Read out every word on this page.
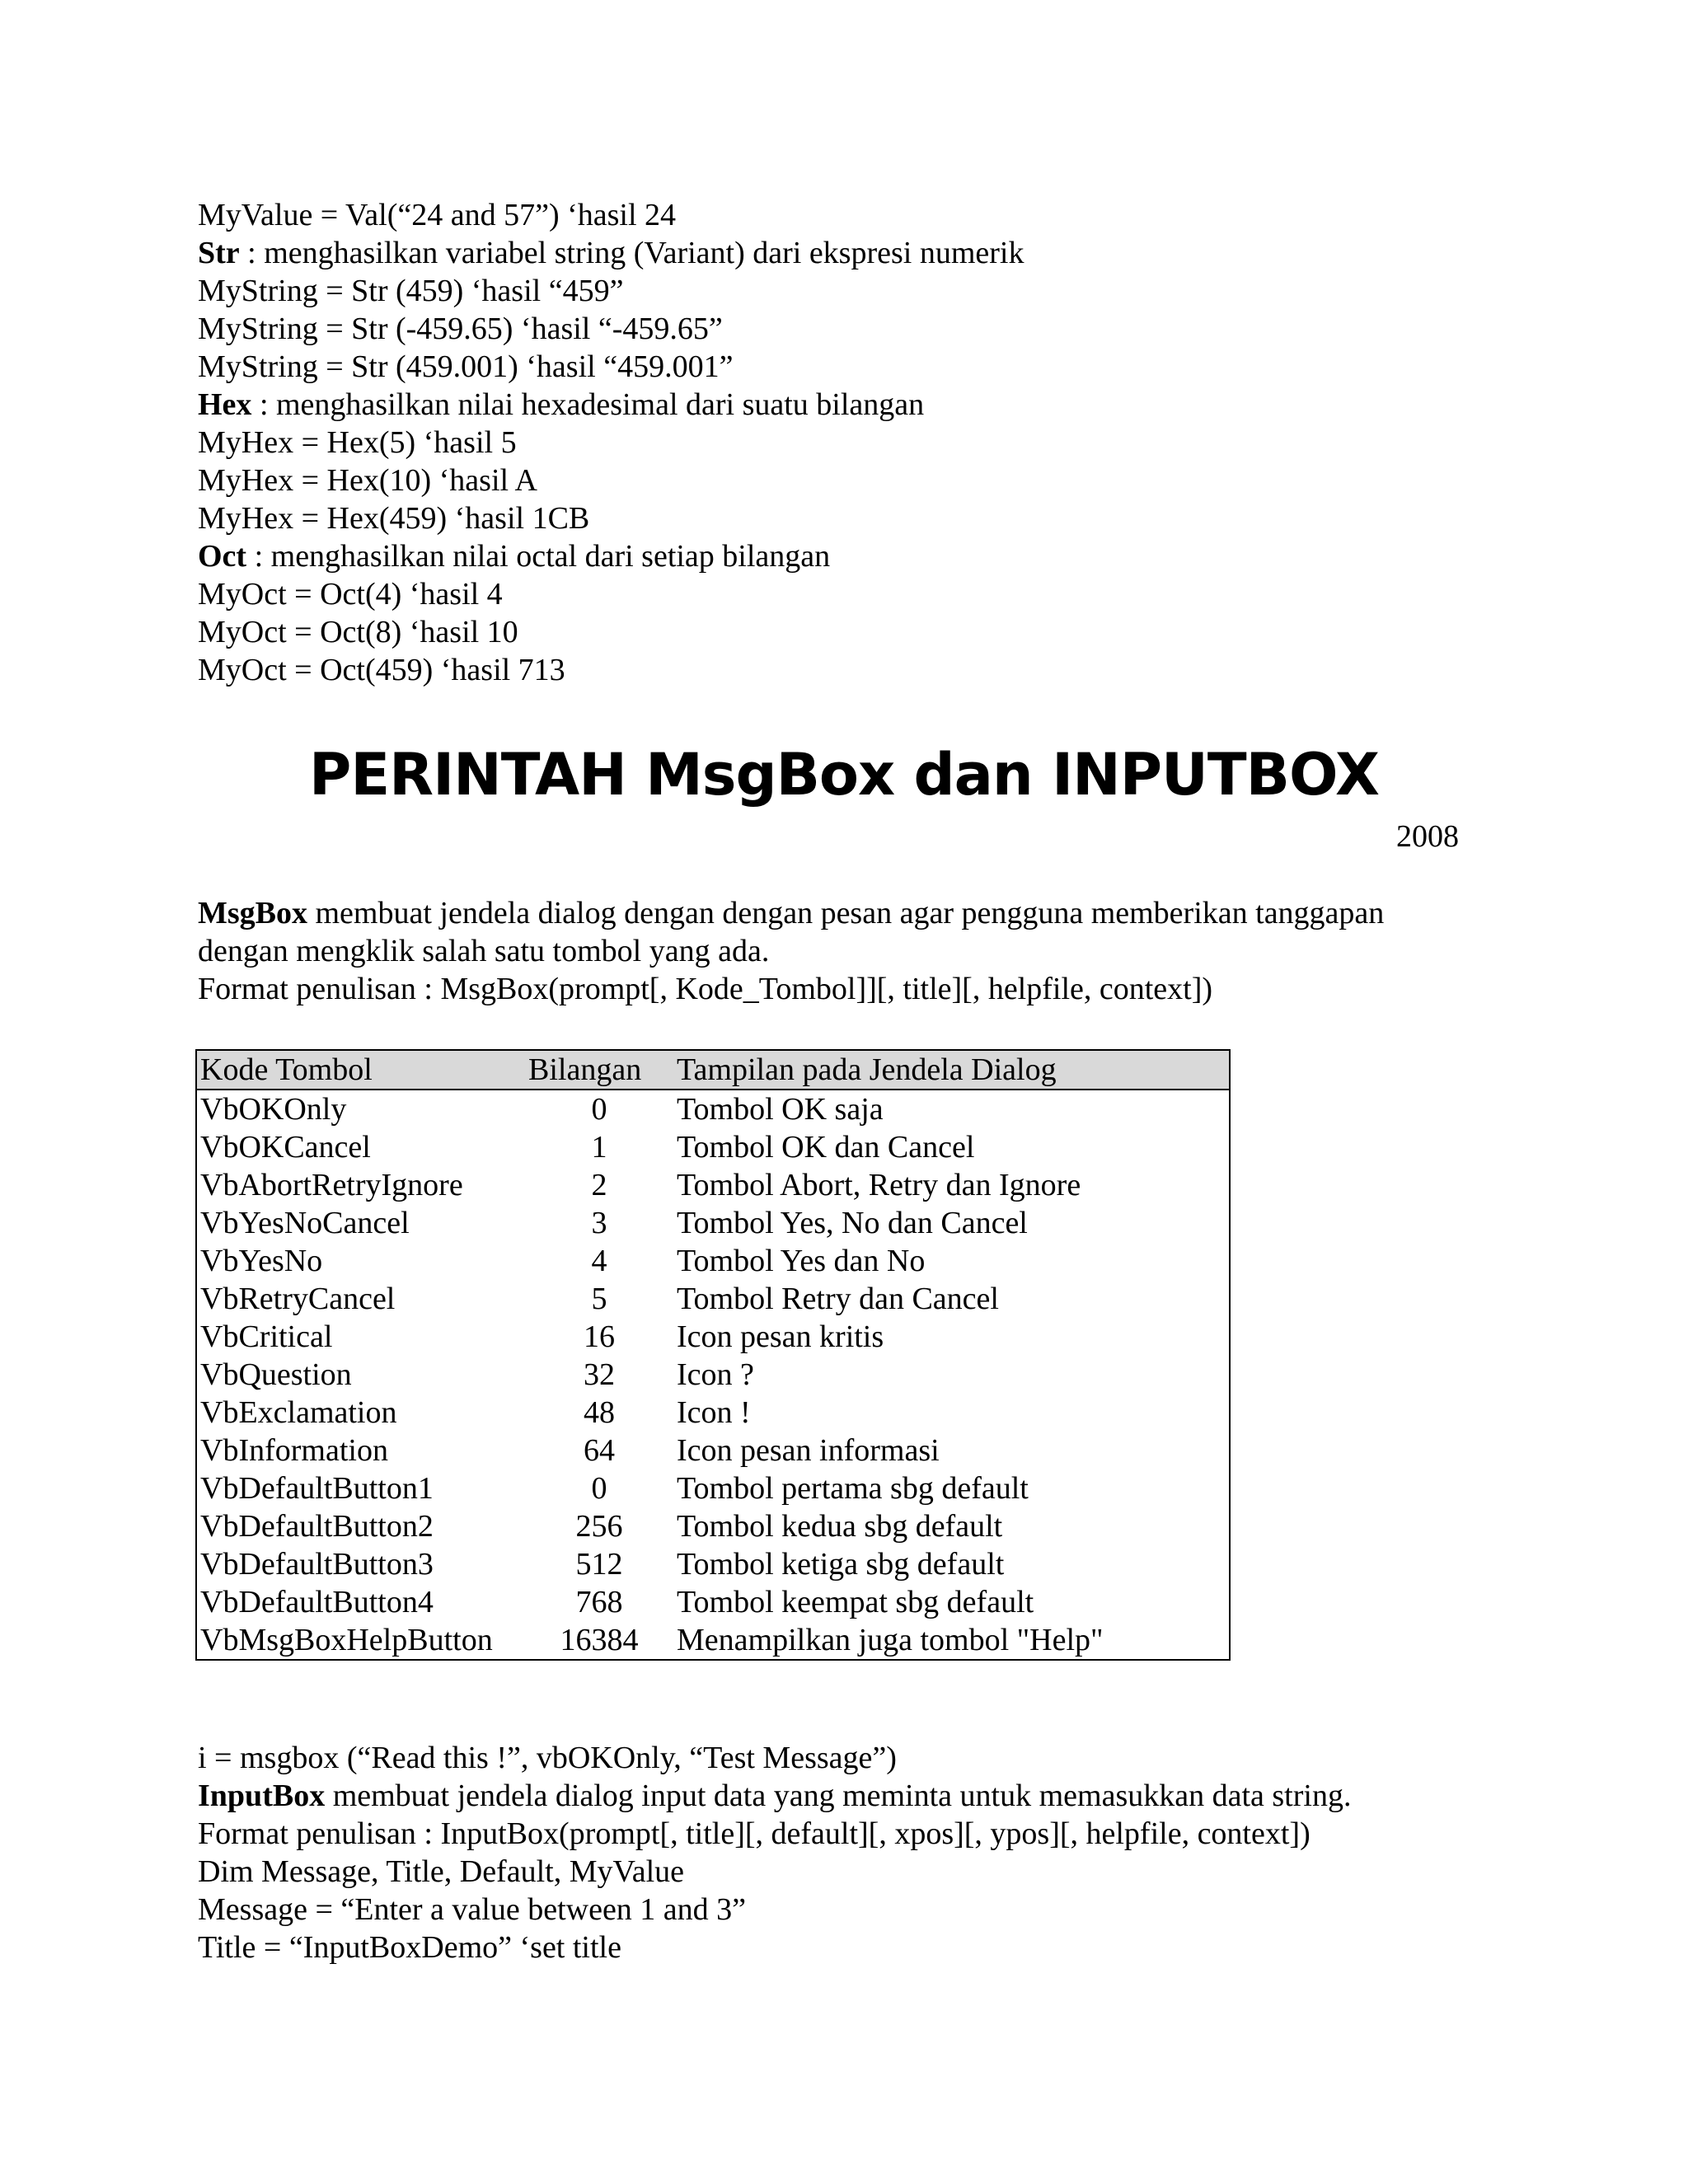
MyValue = Val(“24 and 57”) ‘hasil 24
Str : menghasilkan variabel string (Variant) dari ekspresi numerik
MyString = Str (459) ‘hasil “459”
MyString = Str (-459.65) ‘hasil “-459.65”
MyString = Str (459.001) ‘hasil “459.001”
Hex : menghasilkan nilai hexadesimal dari suatu bilangan
MyHex = Hex(5) ‘hasil 5
MyHex = Hex(10) ‘hasil A
MyHex = Hex(459) ‘hasil 1CB
Oct : menghasilkan nilai octal dari setiap bilangan
MyOct = Oct(4) ‘hasil 4
MyOct = Oct(8) ‘hasil 10
MyOct = Oct(459) ‘hasil 713
PERINTAH MsgBox dan INPUTBOX
2008
MsgBox membuat jendela dialog dengan dengan pesan agar pengguna memberikan tanggapan
dengan mengklik salah satu tombol yang ada.
Format penulisan : MsgBox(prompt[, Kode_Tombol]][, title][, helpfile, context])
Kode Tombol	Bilangan	Tampilan pada Jendela Dialog
VbOKOnly	0	Tombol OK saja
VbOKCancel	1	Tombol OK dan Cancel
VbAbortRetryIgnore	2	Tombol Abort, Retry dan Ignore
VbYesNoCancel	3	Tombol Yes, No dan Cancel
VbYesNo	4	Tombol Yes dan No
VbRetryCancel	5	Tombol Retry dan Cancel
VbCritical	16	Icon pesan kritis
VbQuestion	32	Icon ?
VbExclamation	48	Icon !
VbInformation	64	Icon pesan informasi
VbDefaultButton1	0	Tombol pertama sbg default
VbDefaultButton2	256	Tombol kedua sbg default
VbDefaultButton3	512	Tombol ketiga sbg default
VbDefaultButton4	768	Tombol keempat sbg default
VbMsgBoxHelpButton	16384	Menampilkan juga tombol "Help"
i = msgbox (“Read this !”, vbOKOnly, “Test Message”)
InputBox membuat jendela dialog input data yang meminta untuk memasukkan data string.
Format penulisan : InputBox(prompt[, title][, default][, xpos][, ypos][, helpfile, context])
Dim Message, Title, Default, MyValue
Message = “Enter a value between 1 and 3”
Title = “InputBoxDemo” ‘set title
